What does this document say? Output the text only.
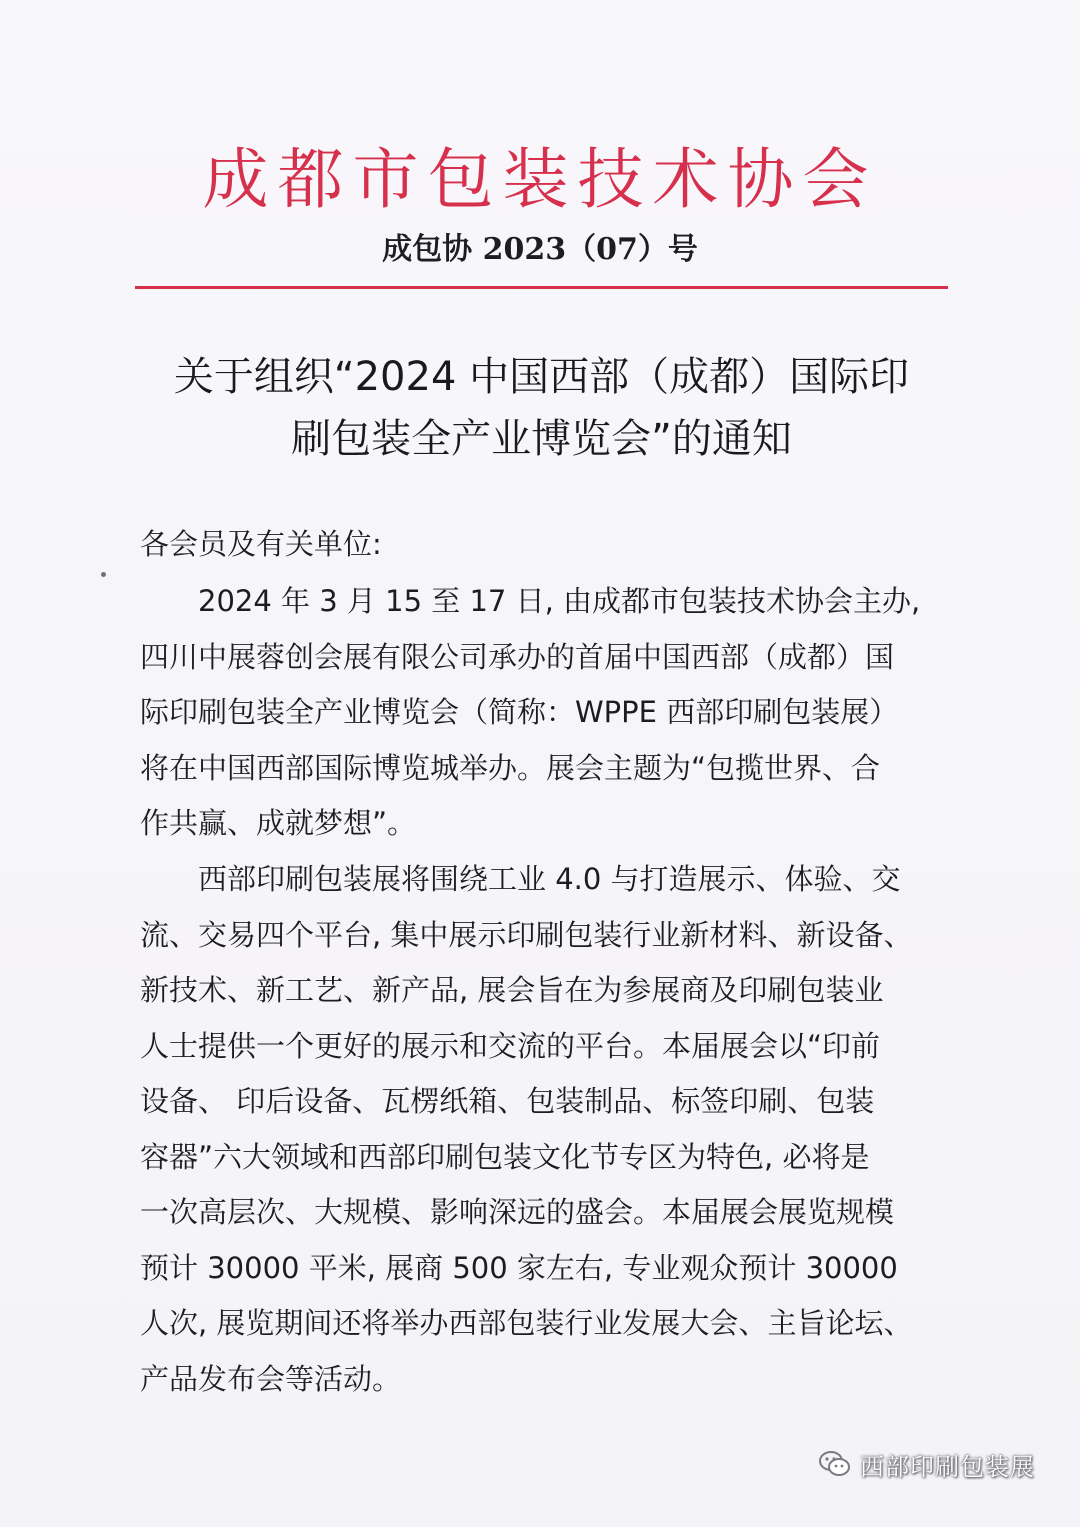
成都市包装技术协会
成包协 2023（07）号
关于组织“2024 中国西部（成都）国际印
刷包装全产业博览会”的通知
各会员及有关单位:
　　2024 年 3 月 15 至 17 日, 由成都市包装技术协会主办,
四川中展蓉创会展有限公司承办的首届中国西部（成都）国
际印刷包装全产业博览会（简称：WPPE 西部印刷包装展）
将在中国西部国际博览城举办。展会主题为“包揽世界、合
作共赢、成就梦想”。
　　西部印刷包装展将围绕工业 4.0 与打造展示、体验、交
流、交易四个平台, 集中展示印刷包装行业新材料、新设备、
新技术、新工艺、新产品, 展会旨在为参展商及印刷包装业
人士提供一个更好的展示和交流的平台。本届展会以“印前
设备、 印后设备、瓦楞纸箱、包装制品、标签印刷、包装
容器”六大领域和西部印刷包装文化节专区为特色, 必将是
一次高层次、大规模、影响深远的盛会。本届展会展览规模
预计 30000 平米, 展商 500 家左右, 专业观众预计 30000
人次, 展览期间还将举办西部包装行业发展大会、主旨论坛、
产品发布会等活动。
西部印刷包装展
